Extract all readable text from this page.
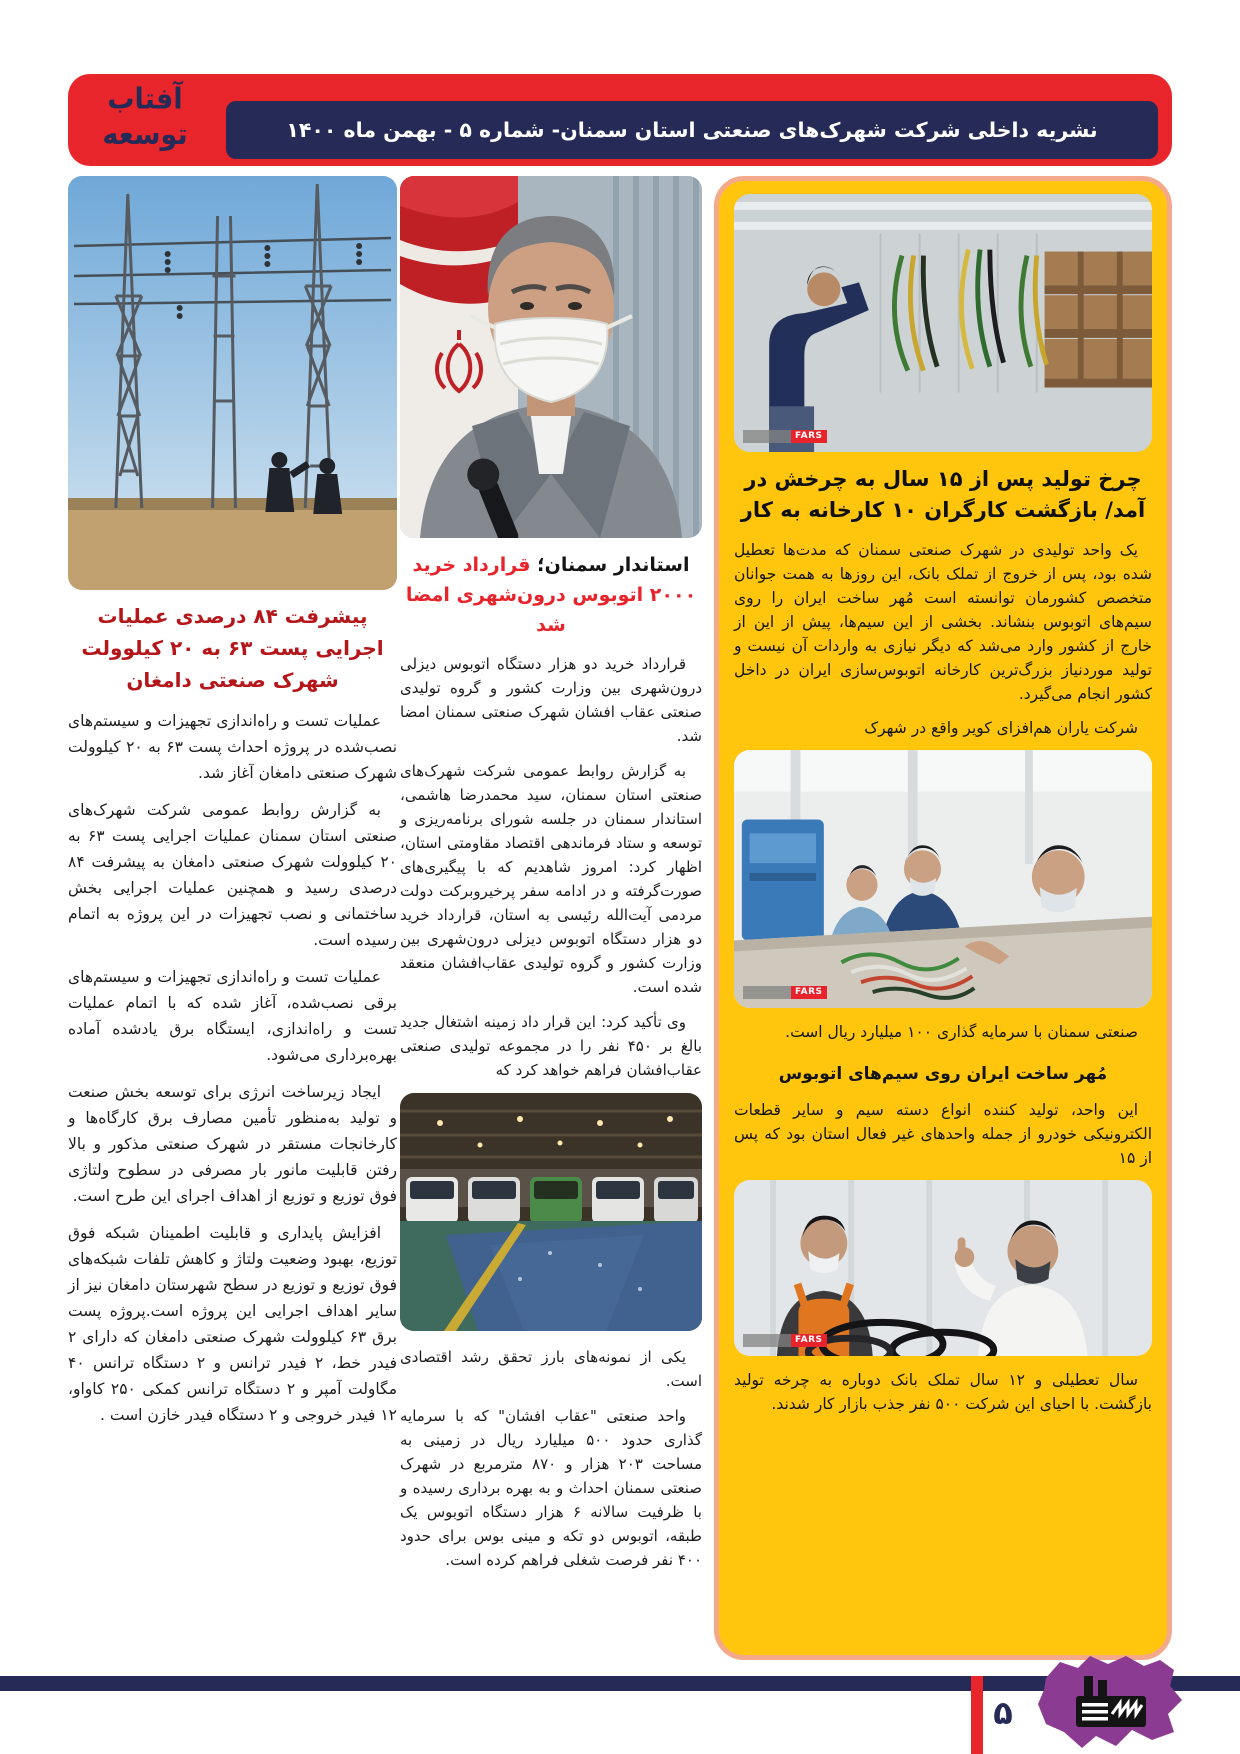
آفتاب
توسعه	نشریه داخلی شرکت شهرک‌های صنعتی استان سمنان- شماره ۵ - بهمن ماه ۱۴۰۰
پیشرفت ۸۴ درصدی عملیات اجرایی پست ۶۳ به ۲۰ کیلوولت شهرک صنعتی دامغان

عملیات تست و راه‌اندازی تجهیزات و سیستم‌های نصب‌شده در پروژه احداث پست ۶۳ به ۲۰ کیلوولت شهرک صنعتی دامغان آغاز شد.

به گزارش روابط عمومی شرکت شهرک‌های صنعتی استان سمنان عملیات اجرایی پست ۶۳ به ۲۰ کیلوولت شهرک صنعتی دامغان به پیشرفت ۸۴ درصدی رسید و همچنین عملیات اجرایی بخش ساختمانی و نصب تجهیزات در این پروژه به اتمام رسیده است.

عملیات تست و راه‌اندازی تجهیزات و سیستم‌های برقی نصب‌شده، آغاز شده که با اتمام عملیات تست و راه‌اندازی، ایستگاه برق یادشده آماده بهره‌برداری می‌شود.

ایجاد زیرساخت انرژی برای توسعه بخش صنعت و تولید به‌منظور تأمین مصارف برق کارگاه‌ها و کارخانجات مستقر در شهرک صنعتی مذکور و بالا رفتن قابلیت مانور بار مصرفی در سطوح ولتاژی فوق توزیع و توزیع از اهداف اجرای این طرح است.

افزایش پایداری و قابلیت اطمینان شبکه فوق توزیع، بهبود وضعیت ولتاژ و کاهش تلفات شبکه‌های فوق توزیع و توزیع در سطح شهرستان دامغان نیز از سایر اهداف اجرایی این پروژه است.پروژه پست برق ۶۳ کیلوولت شهرک صنعتی دامغان که دارای ۲ فیدر خط، ۲ فیدر ترانس و ۲ دستگاه ترانس ۴۰ مگاولت آمپر و ۲ دستگاه ترانس کمکی ۲۵۰ کاواو، ۱۲ فیدر خروجی و ۲ دستگاه فیدر خازن است .

استاندار سمنان؛ قرارداد خرید ۲۰۰۰ اتوبوس درون‌شهری امضا شد

قرارداد خرید دو هزار دستگاه اتوبوس دیزلی درون‌شهری بین وزارت کشور و گروه تولیدی صنعتی عقاب افشان شهرک صنعتی سمنان امضا شد.

به گزارش روابط عمومی شرکت شهرک‌های صنعتی استان سمنان، سید محمدرضا هاشمی، استاندار سمنان در جلسه شورای برنامه‌ریزی و توسعه و ستاد فرماندهی اقتصاد مقاومتی استان، اظهار کرد: امروز شاهدیم که با پیگیری‌های صورت‌گرفته و در ادامه سفر پرخیروبرکت دولت مردمی آیت‌الله رئیسی به استان، قرارداد خرید دو هزار دستگاه اتوبوس دیزلی درون‌شهری بین وزارت کشور و گروه تولیدی عقاب‌افشان منعقد شده است.

وی تأکید کرد: این قرار داد زمینه اشتغال جدید بالغ بر ۴۵۰ نفر را در مجموعه تولیدی صنعتی عقاب‌افشان فراهم خواهد کرد که

یکی از نمونه‌های بارز تحقق رشد اقتصادی است.

واحد صنعتی "عقاب افشان" که با سرمایه گذاری حدود ۵۰۰ میلیارد ریال در زمینی به مساحت ۲۰۳ هزار و ۸۷۰ مترمربع در شهرک صنعتی سمنان احداث و به بهره برداری رسیده و با ظرفیت سالانه ۶ هزار دستگاه اتوبوس یک طبقه، اتوبوس دو تکه و مینی بوس برای حدود ۴۰۰ نفر فرصت شغلی فراهم کرده است.

FARS
چرخ تولید پس از ۱۵ سال به چرخش در آمد/ بازگشت کارگران ۱۰ کارخانه به کار

یک واحد تولیدی در شهرک صنعتی سمنان که مدت‌ها تعطیل شده بود، پس از خروج از تملک بانک، این روزها به همت جوانان متخصص کشورمان توانسته است مُهر ساخت ایران را روی سیم‌های اتوبوس بنشاند. بخشی از این سیم‌ها، پیش از این از خارج از کشور وارد می‌شد که دیگر نیازی به واردات آن نیست و تولید موردنیاز بزرگ‌ترین کارخانه اتوبوس‌سازی ایران در داخل کشور انجام می‌گیرد.

شرکت یاران هم‌افزای کویر واقع در شهرک

FARS

صنعتی سمنان با سرمایه گذاری ۱۰۰ میلیارد ریال است.

مُهر ساخت ایران روی سیم‌های اتوبوس

این واحد، تولید کننده انواع دسته سیم و سایر قطعات الکترونیکی خودرو از جمله واحدهای غیر فعال استان بود که پس از ۱۵

FARS

سال تعطیلی و ۱۲ سال تملک بانک دوباره به چرخه تولید بازگشت. با احیای این شرکت ۵۰۰ نفر جذب بازار کار شدند.

۵
